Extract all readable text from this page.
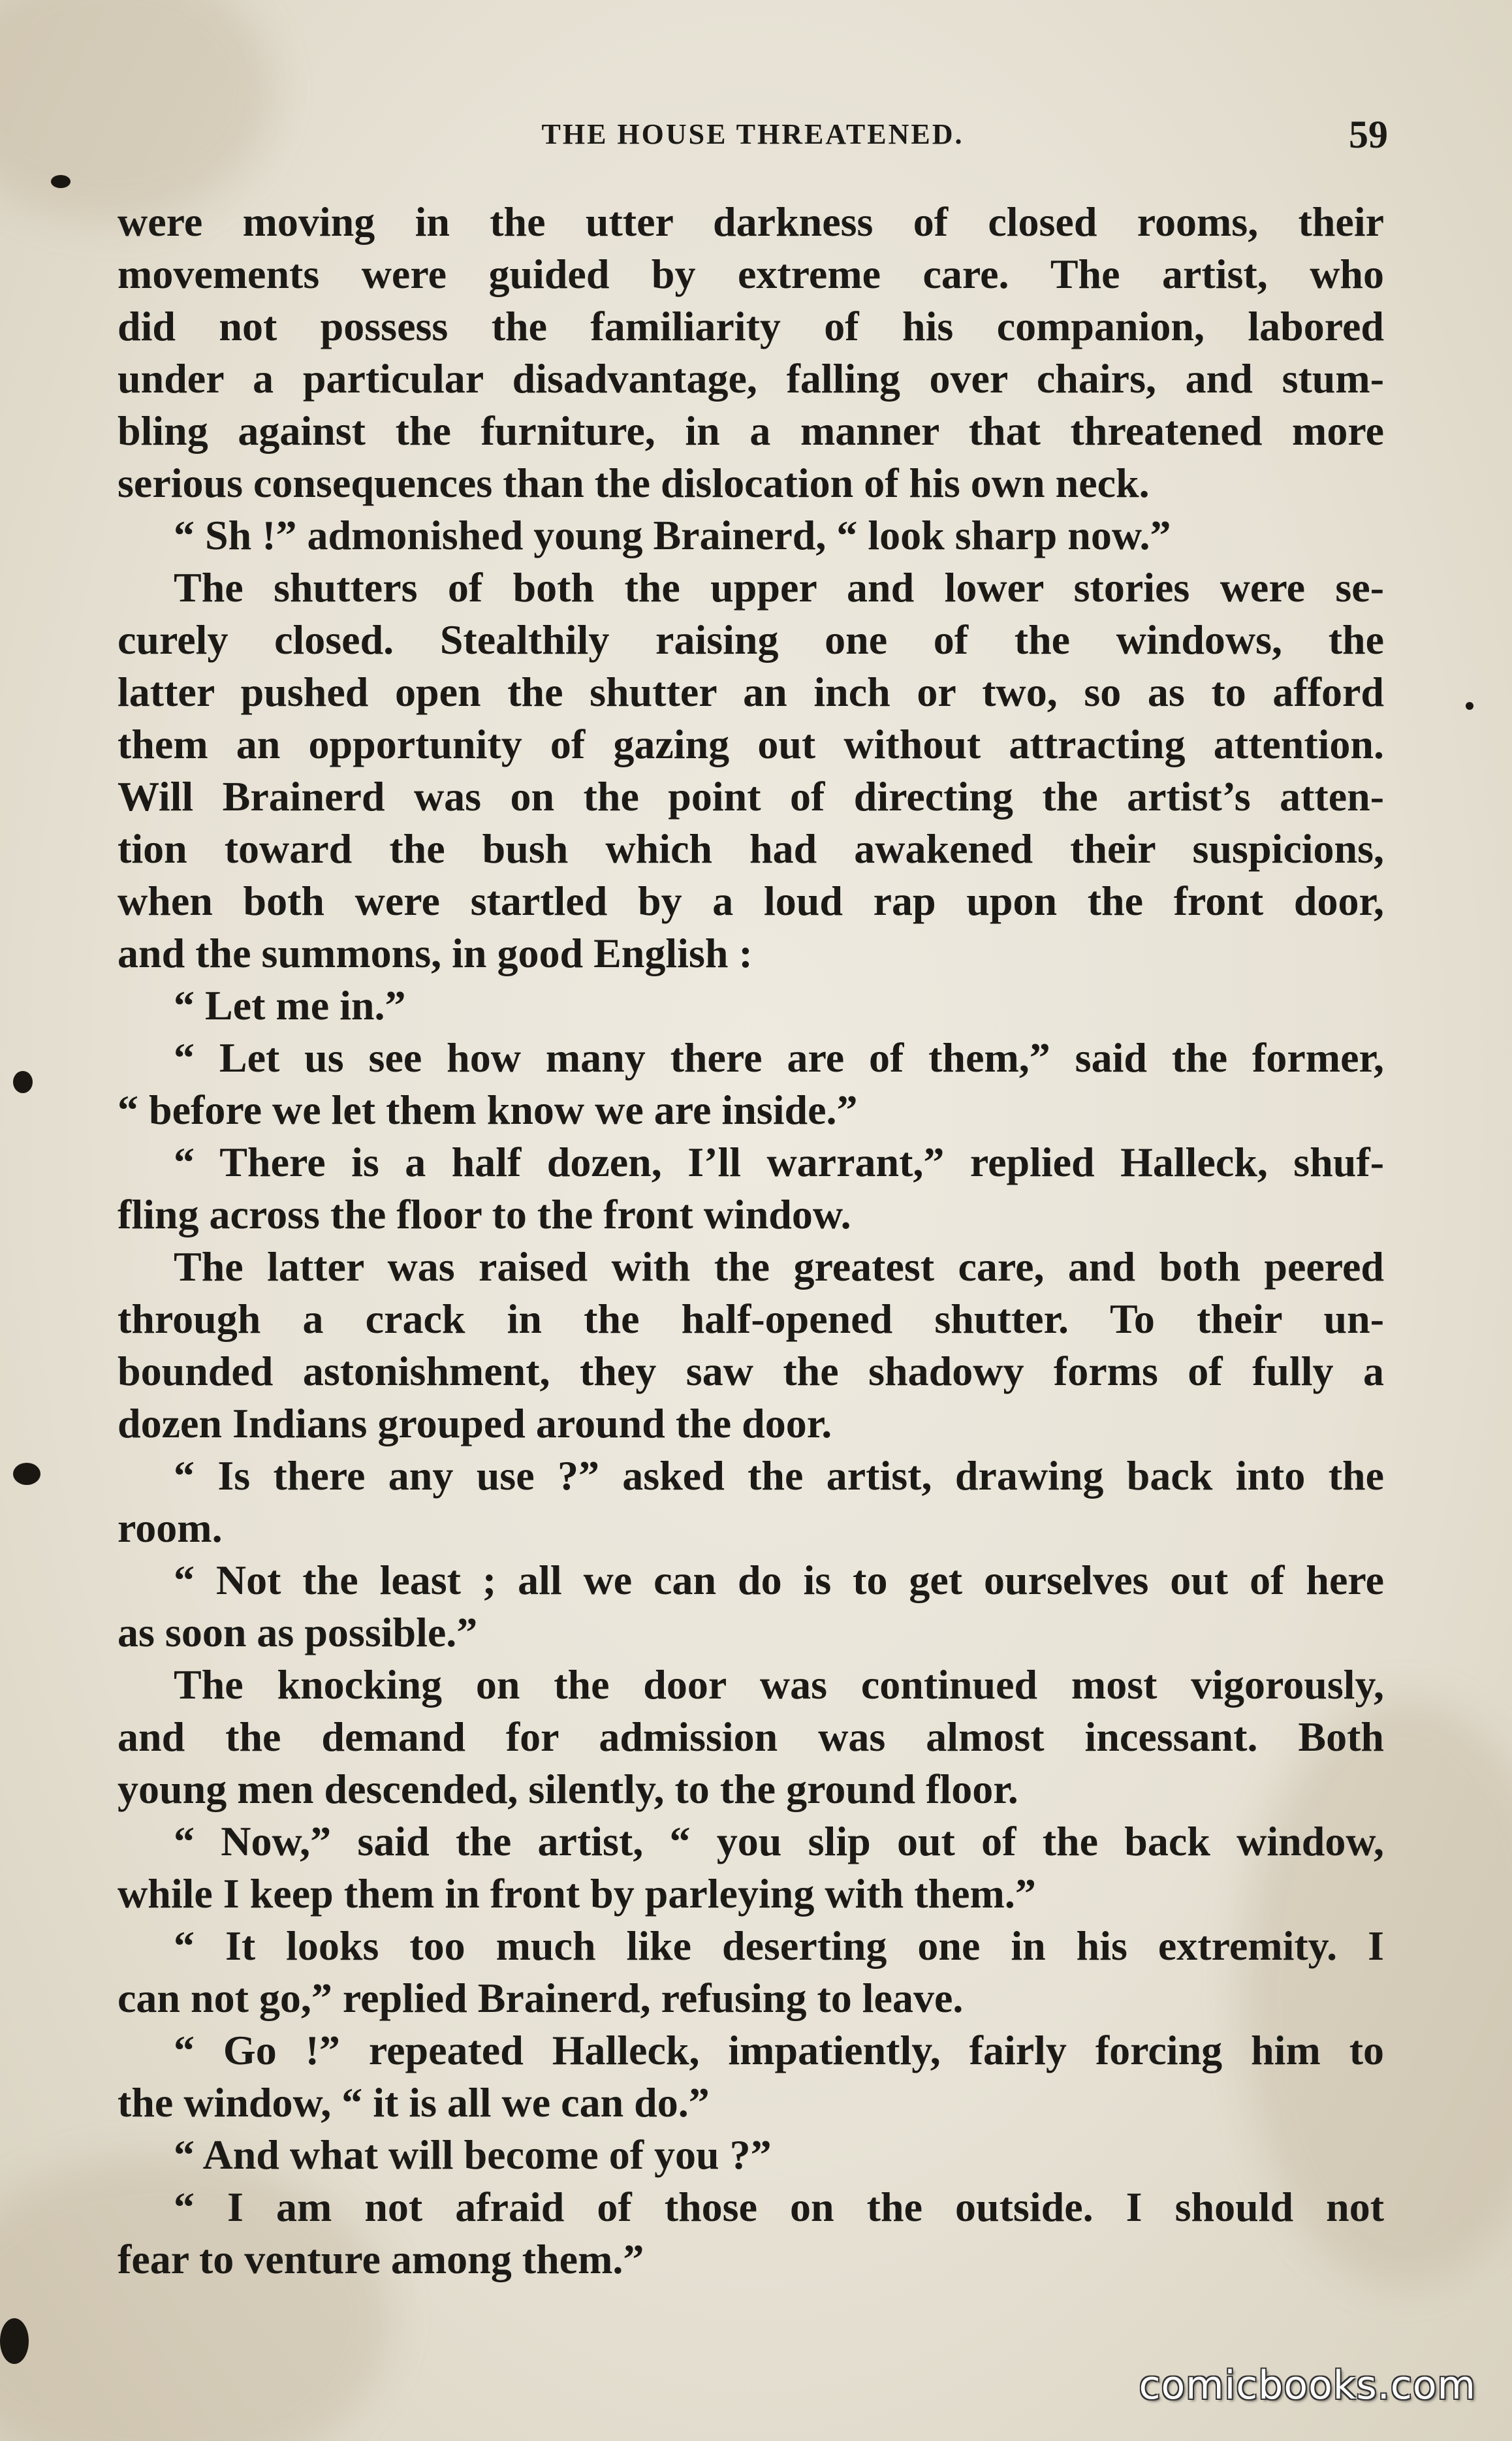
THE HOUSE THREATENED.	59
were moving in the utter darkness of closed rooms, their
movements were guided by extreme care. The artist, who
did not possess the familiarity of his companion, labored
under a particular disadvantage, falling over chairs, and stum-
bling against the furniture, in a manner that threatened more
serious consequences than the dislocation of his own neck.
“ Sh !” admonished young Brainerd, “ look sharp now.”
The shutters of both the upper and lower stories were se-
curely closed. Stealthily raising one of the windows, the
latter pushed open the shutter an inch or two, so as to afford
them an opportunity of gazing out without attracting attention.
Will Brainerd was on the point of directing the artist’s atten-
tion toward the bush which had awakened their suspicions,
when both were startled by a loud rap upon the front door,
and the summons, in good English :
“ Let me in.”
“ Let us see how many there are of them,” said the former,
“ before we let them know we are inside.”
“ There is a half dozen, I’ll warrant,” replied Halleck, shuf-
fling across the floor to the front window.
The latter was raised with the greatest care, and both peered
through a crack in the half-opened shutter. To their un-
bounded astonishment, they saw the shadowy forms of fully a
dozen Indians grouped around the door.
“ Is there any use ?” asked the artist, drawing back into the
room.
“ Not the least ; all we can do is to get ourselves out of here
as soon as possible.”
The knocking on the door was continued most vigorously,
and the demand for admission was almost incessant. Both
young men descended, silently, to the ground floor.
“ Now,” said the artist, “ you slip out of the back window,
while I keep them in front by parleying with them.”
“ It looks too much like deserting one in his extremity. I
can not go,” replied Brainerd, refusing to leave.
“ Go !” repeated Halleck, impatiently, fairly forcing him to
the window, “ it is all we can do.”
“ And what will become of you ?”
“ I am not afraid of those on the outside. I should not
fear to venture among them.”
comicbooks.com
